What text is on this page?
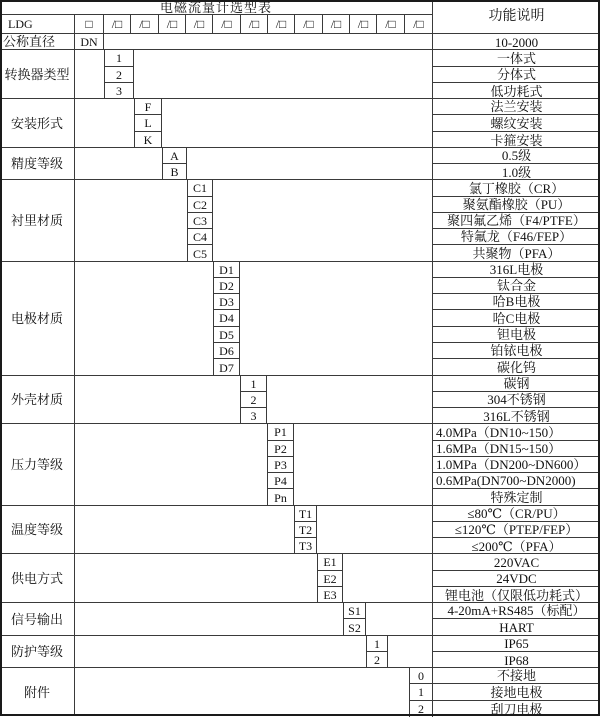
电磁流量计选型表
功能说明
LDG	□	/□	/□	/□	/□	/□	/□	/□	/□	/□	/□	/□	/□
公称直径	DN	10-2000
转换器类型
1	一体式
2	分体式
3	低功耗式
安装形式
F	法兰安装
L	螺纹安装
K	卡箍安装
精度等级
A	0.5级
B	1.0级
衬里材质
C1	氯丁橡胶（CR）
C2	聚氨酯橡胶（PU）
C3	聚四氟乙烯（F4/PTFE）
C4	特氟龙（F46/FEP）
C5	共聚物（PFA）
电极材质
D1	316L电极
D2	钛合金
D3	哈B电极
D4	哈C电极
D5	钽电极
D6	铂铱电极
D7	碳化钨
外壳材质
1	碳钢
2	304不锈钢
3	316L不锈钢
压力等级
P1	4.0MPa（DN10~150）
P2	1.6MPa（DN15~150）
P3	1.0MPa（DN200~DN600）
P4	0.6MPa(DN700~DN2000)
Pn	特殊定制
温度等级
T1	≤80℃（CR/PU）
T2	≤120℃（PTEP/FEP）
T3	≤200℃（PFA）
供电方式
E1	220VAC
E2	24VDC
E3	锂电池（仅限低功耗式）
信号输出
S1	4-20mA+RS485（标配）
S2	HART
防护等级
1	IP65
2	IP68
附件
0	不接地
1	接地电极
2	刮刀电极
